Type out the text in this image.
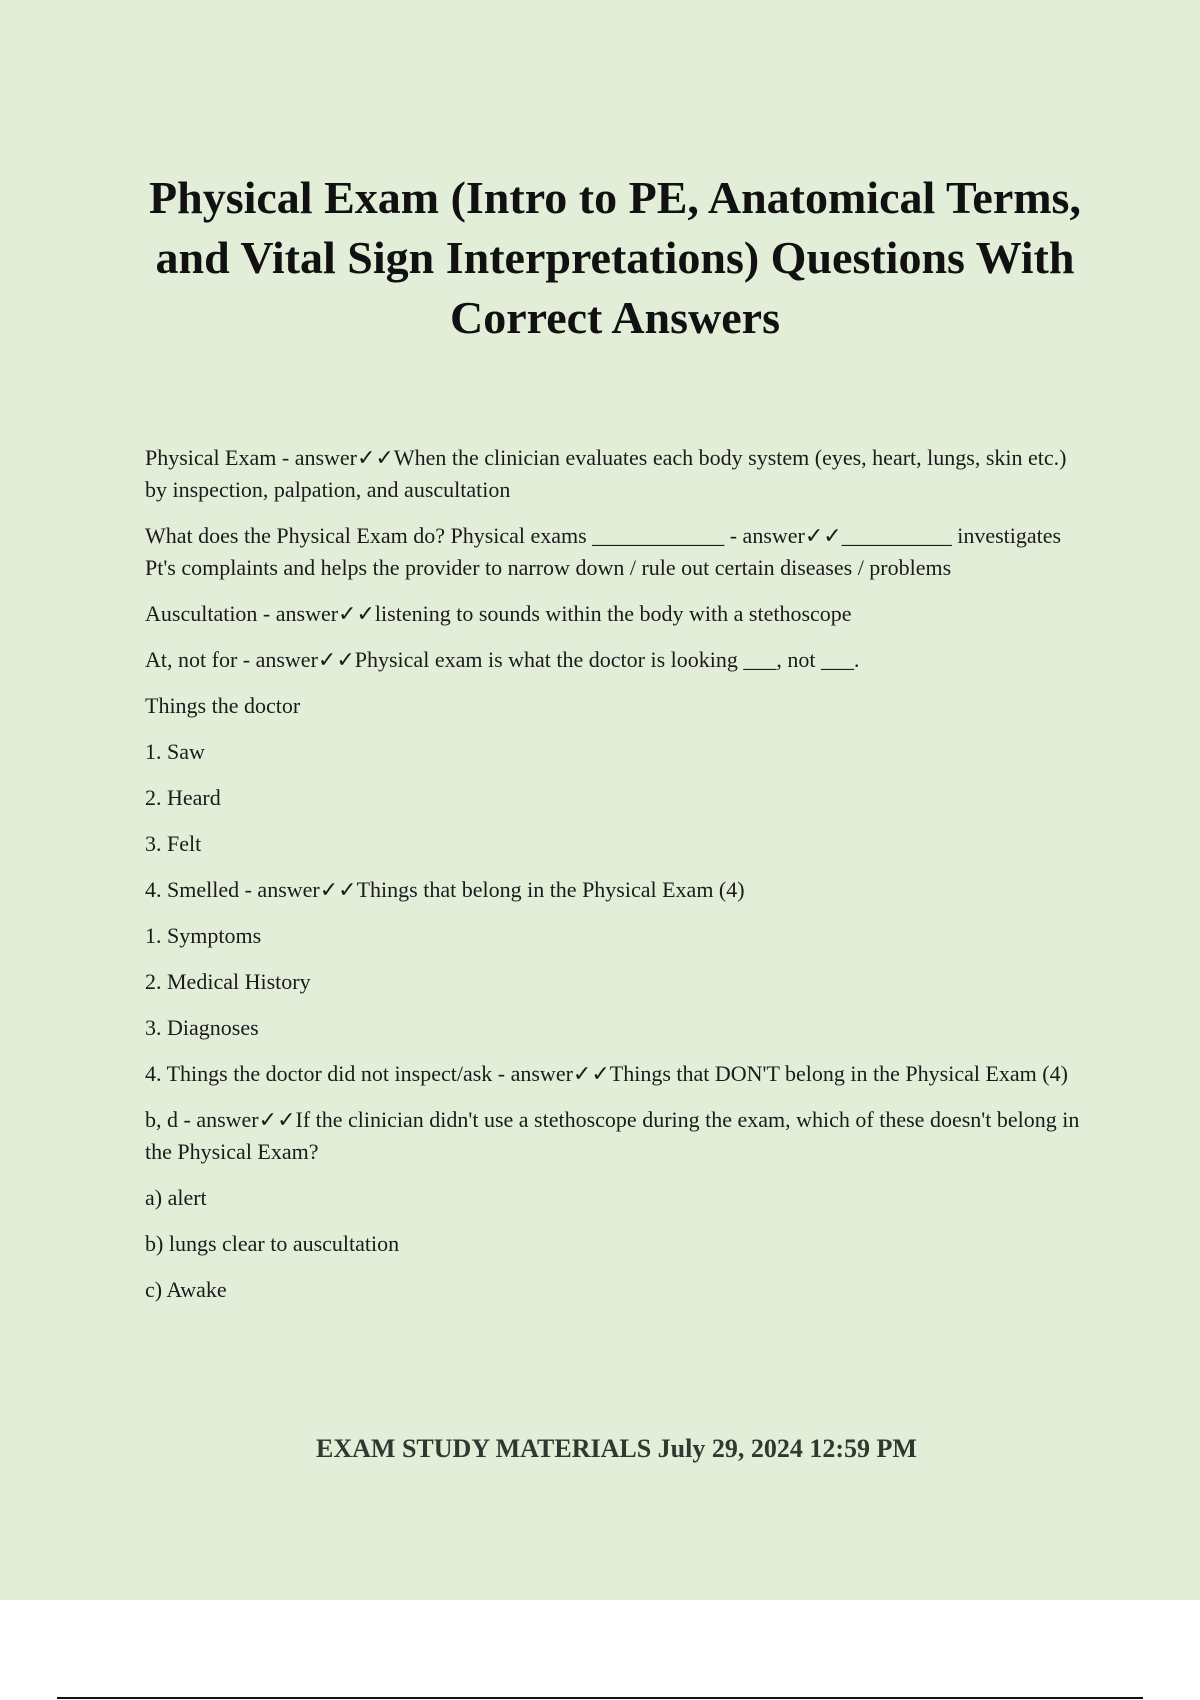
Physical Exam (Intro to PE, Anatomical Terms, and Vital Sign Interpretations) Questions With Correct Answers

Physical Exam - answer✓✓When the clinician evaluates each body system (eyes, heart, lungs, skin etc.) by inspection, palpation, and auscultation

What does the Physical Exam do? Physical exams ____________ - answer✓✓__________ investigates Pt's complaints and helps the provider to narrow down / rule out certain diseases / problems

Auscultation - answer✓✓listening to sounds within the body with a stethoscope

At, not for - answer✓✓Physical exam is what the doctor is looking ___, not ___.

Things the doctor

1. Saw

2. Heard

3. Felt

4. Smelled - answer✓✓Things that belong in the Physical Exam (4)

1. Symptoms

2. Medical History

3. Diagnoses

4. Things the doctor did not inspect/ask - answer✓✓Things that DON'T belong in the Physical Exam (4)

b, d - answer✓✓If the clinician didn't use a stethoscope during the exam, which of these doesn't belong in the Physical Exam?

a) alert

b) lungs clear to auscultation

c) Awake

EXAM STUDY MATERIALS July 29, 2024 12:59 PM
